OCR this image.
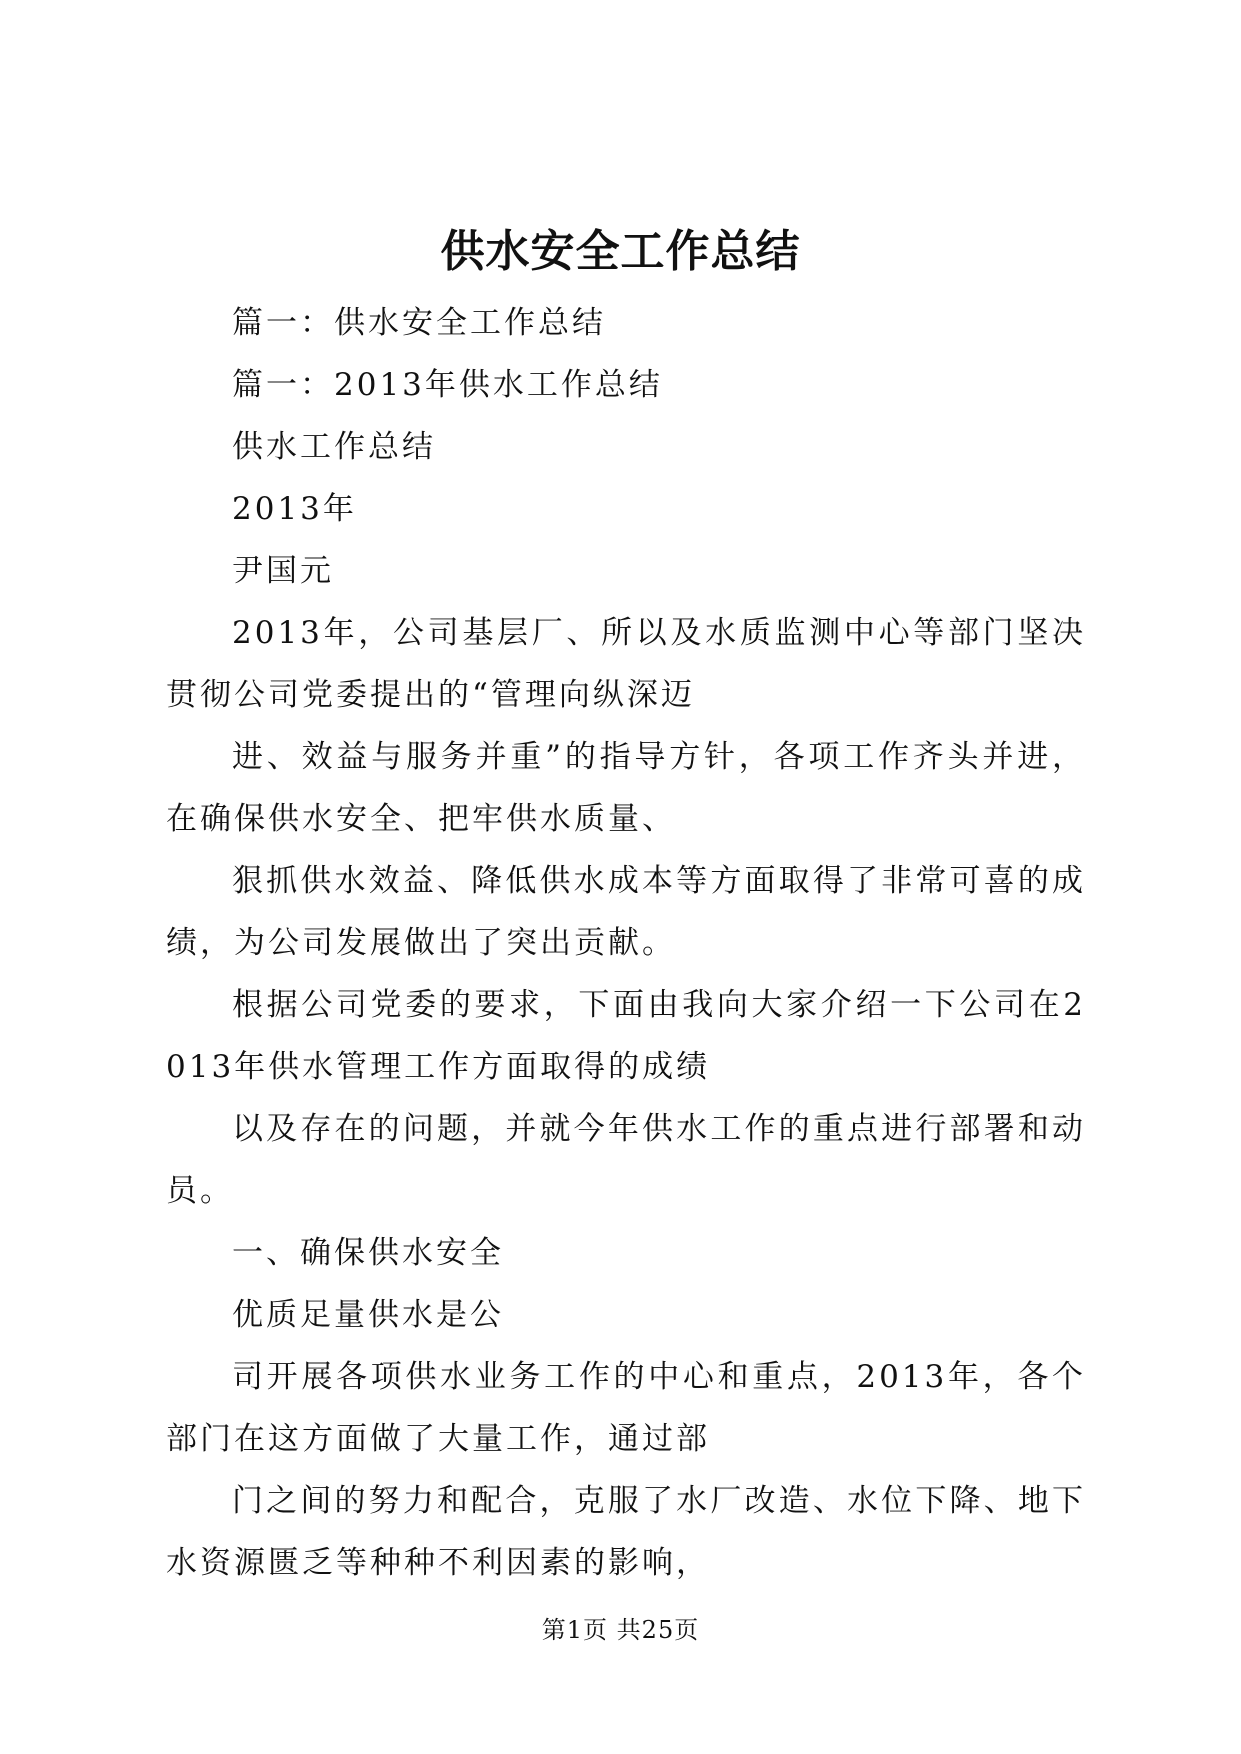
供水安全工作总结

篇一：供水安全工作总结

篇一：2013年供水工作总结

供水工作总结

2013年

尹国元

2013年，公司基层厂、所以及水质监测中心等部门坚决贯彻公司党委提出的“管理向纵深迈

进、效益与服务并重”的指导方针，各项工作齐头并进，在确保供水安全、把牢供水质量、

狠抓供水效益、降低供水成本等方面取得了非常可喜的成绩，为公司发展做出了突出贡献。

根据公司党委的要求，下面由我向大家介绍一下公司在2013年供水管理工作方面取得的成绩

以及存在的问题，并就今年供水工作的重点进行部署和动员。

一、确保供水安全

优质足量供水是公

司开展各项供水业务工作的中心和重点，2013年，各个部门在这方面做了大量工作，通过部

门之间的努力和配合，克服了水厂改造、水位下降、地下水资源匮乏等种种不利因素的影响，

第1页 共25页
